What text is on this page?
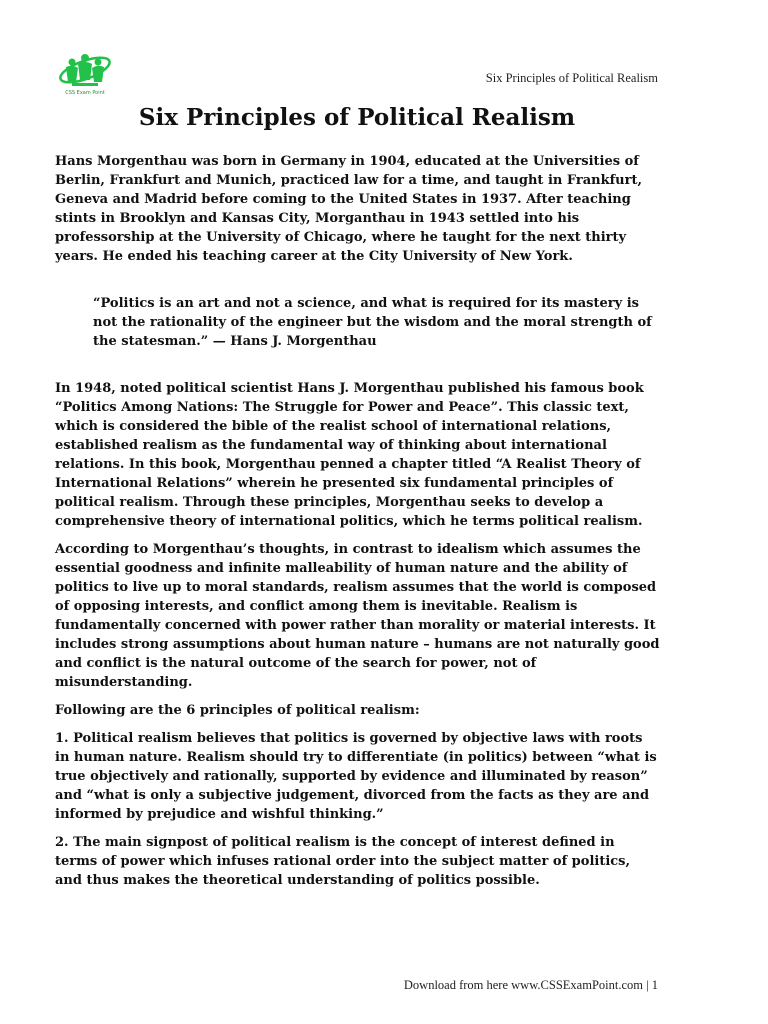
CSS Exam Point
Six Principles of Political Realism
Six Principles of Political Realism

Hans Morgenthau was born in Germany in 1904, educated at the Universities of Berlin, Frankfurt and Munich, practiced law for a time, and taught in Frankfurt, Geneva and Madrid before coming to the United States in 1937. After teaching stints in Brooklyn and Kansas City, Morganthau in 1943 settled into his professorship at the University of Chicago, where he taught for the next thirty years. He ended his teaching career at the City University of New York.

“Politics is an art and not a science, and what is required for its mastery is not the rationality of the engineer but the wisdom and the moral strength of the statesman.” — Hans J. Morgenthau

In 1948, noted political scientist Hans J. Morgenthau published his famous book “Politics Among Nations: The Struggle for Power and Peace”. This classic text, which is considered the bible of the realist school of international relations, established realism as the fundamental way of thinking about international relations. In this book, Morgenthau penned a chapter titled “A Realist Theory of International Relations” wherein he presented six fundamental principles of political realism. Through these principles, Morgenthau seeks to develop a comprehensive theory of international politics, which he terms political realism.

According to Morgenthau’s thoughts, in contrast to idealism which assumes the essential goodness and infinite malleability of human nature and the ability of politics to live up to moral standards, realism assumes that the world is composed of opposing interests, and conflict among them is inevitable. Realism is fundamentally concerned with power rather than morality or material interests. It includes strong assumptions about human nature – humans are not naturally good and conflict is the natural outcome of the search for power, not of misunderstanding.

Following are the 6 principles of political realism:

1. Political realism believes that politics is governed by objective laws with roots in human nature. Realism should try to differentiate (in politics) between “what is true objectively and rationally, supported by evidence and illuminated by reason” and “what is only a subjective judgement, divorced from the facts as they are and informed by prejudice and wishful thinking.”

2. The main signpost of political realism is the concept of interest defined in terms of power which infuses rational order into the subject matter of politics, and thus makes the theoretical understanding of politics possible.

Download from here www.CSSExamPoint.com | 1
